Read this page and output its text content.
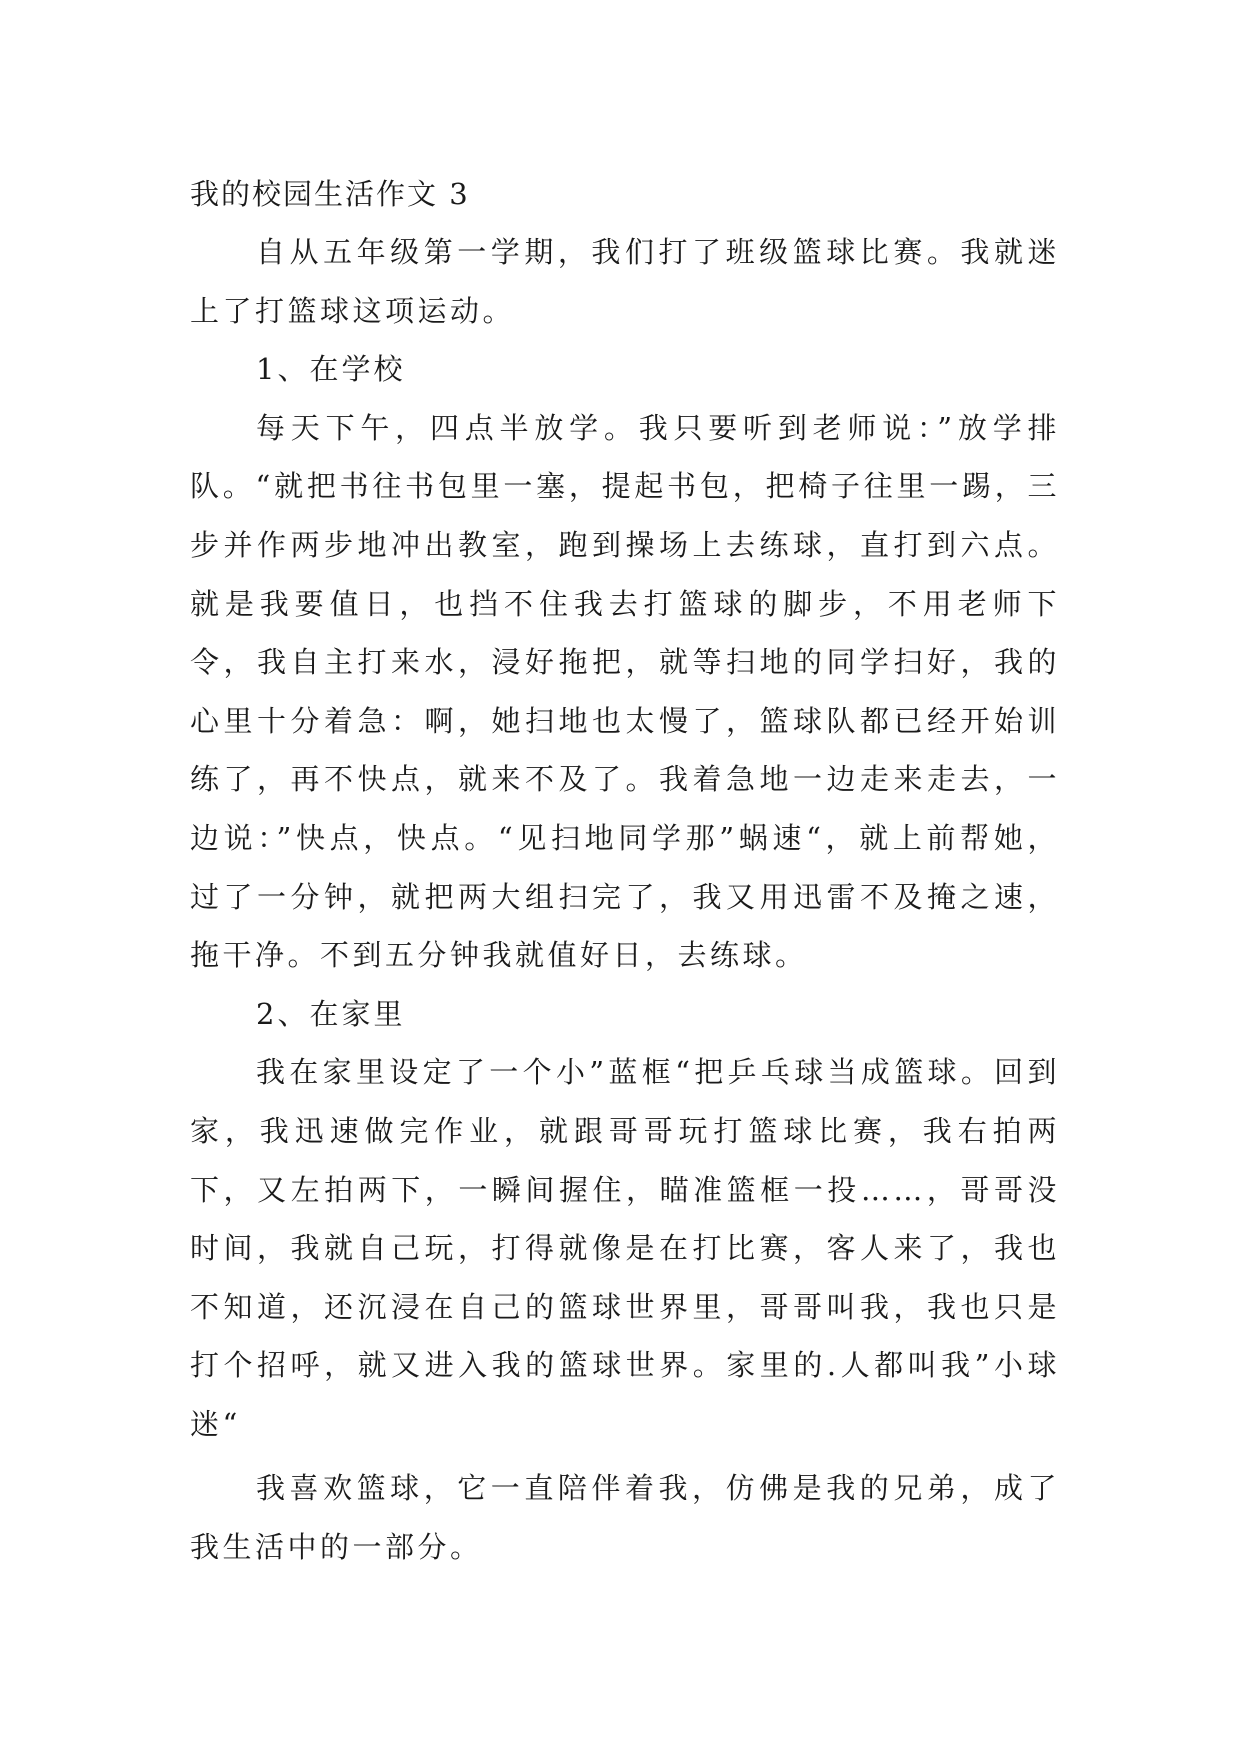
我的校园生活作文 3

自从五年级第一学期，我们打了班级篮球比赛。我就迷上了打篮球这项运动。

1、在学校

每天下午，四点半放学。我只要听到老师说：”放学排队。“就把书往书包里一塞，提起书包，把椅子往里一踢，三步并作两步地冲出教室，跑到操场上去练球，直打到六点。就是我要值日，也挡不住我去打篮球的脚步，不用老师下令，我自主打来水，浸好拖把，就等扫地的同学扫好，我的心里十分着急：啊，她扫地也太慢了，篮球队都已经开始训练了，再不快点，就来不及了。我着急地一边走来走去，一边说：”快点，快点。“见扫地同学那”蜗速“，就上前帮她，过了一分钟，就把两大组扫完了，我又用迅雷不及掩之速，拖干净。不到五分钟我就值好日，去练球。

2、在家里

我在家里设定了一个小”蓝框“把乒乓球当成篮球。回到家，我迅速做完作业，就跟哥哥玩打篮球比赛，我右拍两下，又左拍两下，一瞬间握住，瞄准篮框一投……，哥哥没时间，我就自己玩，打得就像是在打比赛，客人来了，我也不知道，还沉浸在自己的篮球世界里，哥哥叫我，我也只是打个招呼，就又进入我的篮球世界。家里的.人都叫我”小球迷“

我喜欢篮球，它一直陪伴着我，仿佛是我的兄弟，成了我生活中的一部分。
